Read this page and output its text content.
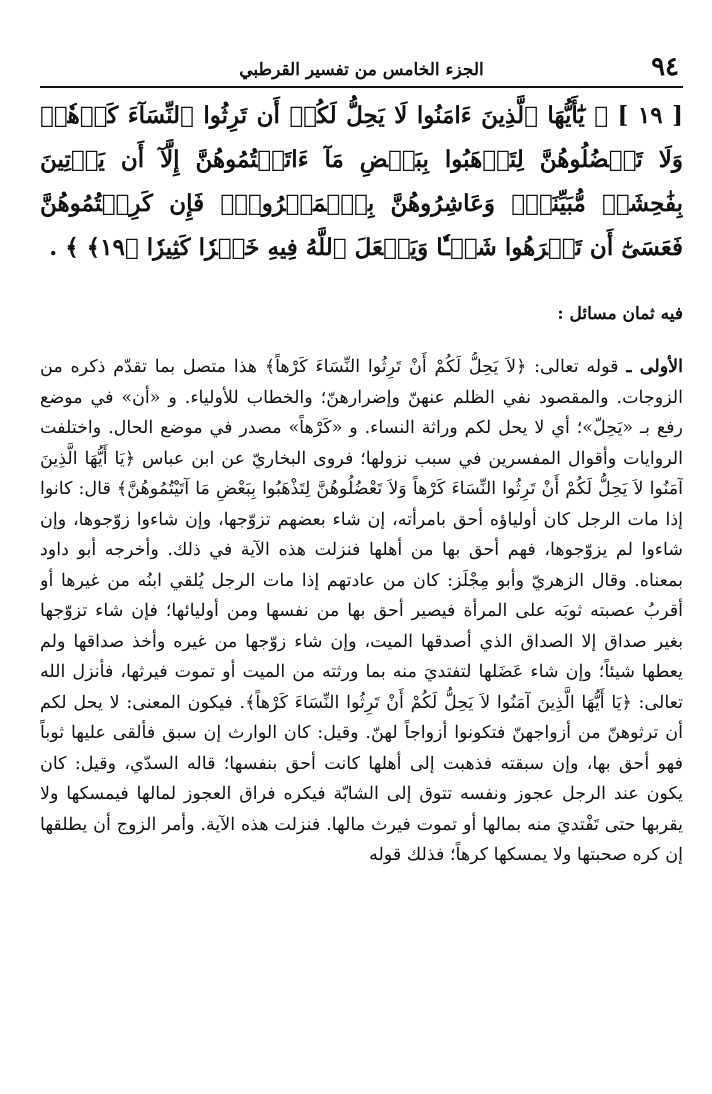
٩٤
الجزء الخامس من تفسير القرطبي
[ ١٩ ] ﴿ يَٰٓأَيُّهَا ٱلَّذِينَ ءَامَنُوا لَا يَحِلُّ لَكُمۡ أَن تَرِثُوا ٱلنِّسَآءَ كَرۡهٗاۖ وَلَا تَعۡضُلُوهُنَّ لِتَذۡهَبُوا بِبَعۡضِ مَآ ءَاتَيۡتُمُوهُنَّ إِلَّآ أَن يَأۡتِينَ بِفَٰحِشَةٖ مُّبَيِّنَةٖۚ وَعَاشِرُوهُنَّ بِٱلۡمَعۡرُوفِۚ فَإِن كَرِهۡتُمُوهُنَّ فَعَسَىٰٓ أَن تَكۡرَهُوا شَيۡـٔٗا وَيَجۡعَلَ ٱللَّهُ فِيهِ خَيۡرٗا كَثِيرٗا ﴿١٩﴾ ﴾ .
فيه ثمان مسائل :
الأولى ـ قوله تعالى: ﴿لاَ يَحِلُّ لَكُمْ أَنْ تَرِثُوا النِّسَاءَ كَرْهاً﴾ هذا متصل بما تقدّم ذكره من الزوجات. والمقصود نفي الظلم عنهنّ وإضرارهنّ؛ والخطاب للأولياء. و «أن» في موضع رفع بـ «يَحِلّ»؛ أي لا يحل لكم وراثة النساء. و «كَرْهاً» مصدر في موضع الحال. واختلفت الروايات وأقوال المفسرين في سبب نزولها؛ فروى البخاريّ عن ابن عباس ﴿يَا أَيُّهَا الَّذِينَ آمَنُوا لاَ يَحِلُّ لَكُمْ أَنْ تَرِثُوا النِّسَاءَ كَرْهاً وَلاَ تَعْضُلُوهُنَّ لِتَذْهَبُوا بِبَعْضِ مَا آتَيْتُمُوهُنَّ﴾ قال: كانوا إذا مات الرجل كان أولياؤه أحق بامرأته، إن شاء بعضهم تزوّجها، وإن شاءوا زوّجوها، وإن شاءوا لم يزوّجوها، فهم أحق بها من أهلها فنزلت هذه الآية في ذلك. وأخرجه أبو داود بمعناه. وقال الزهريّ وأبو مِجْلَز: كان من عادتهم إذا مات الرجل يُلقي ابنُه من غيرها أو أقربُ عصبته ثوبَه على المرأة فيصير أحق بها من نفسها ومن أوليائها؛ فإن شاء تزوّجها بغير صداق إلا الصداق الذي أصدقها الميت، وإن شاء زوّجها من غيره وأخذ صداقها ولم يعطها شيئاً؛ وإن شاء عَضَلها لتفتديَ منه بما ورثته من الميت أو تموت فيرثها، فأنزل الله تعالى: ﴿يَا أَيُّهَا الَّذِينَ آمَنُوا لاَ يَحِلُّ لَكُمْ أَنْ تَرِثُوا النِّسَاءَ كَرْهاً﴾. فيكون المعنى: لا يحل لكم أن ترثوهنّ من أزواجهنّ فتكونوا أزواجاً لهنّ. وقيل: كان الوارث إن سبق فألقى عليها ثوباً فهو أحق بها، وإن سبقته فذهبت إلى أهلها كانت أحق بنفسها؛ قاله السدّي، وقيل: كان يكون عند الرجل عجوز ونفسه تتوق إلى الشابّة فيكره فراق العجوز لمالها فيمسكها ولا يقربها حتى تَفْتديَ منه بمالها أو تموت فيرث مالها. فنزلت هذه الآية. وأمر الزوج أن يطلقها إن كره صحبتها ولا يمسكها كرهاً؛ فذلك قوله
